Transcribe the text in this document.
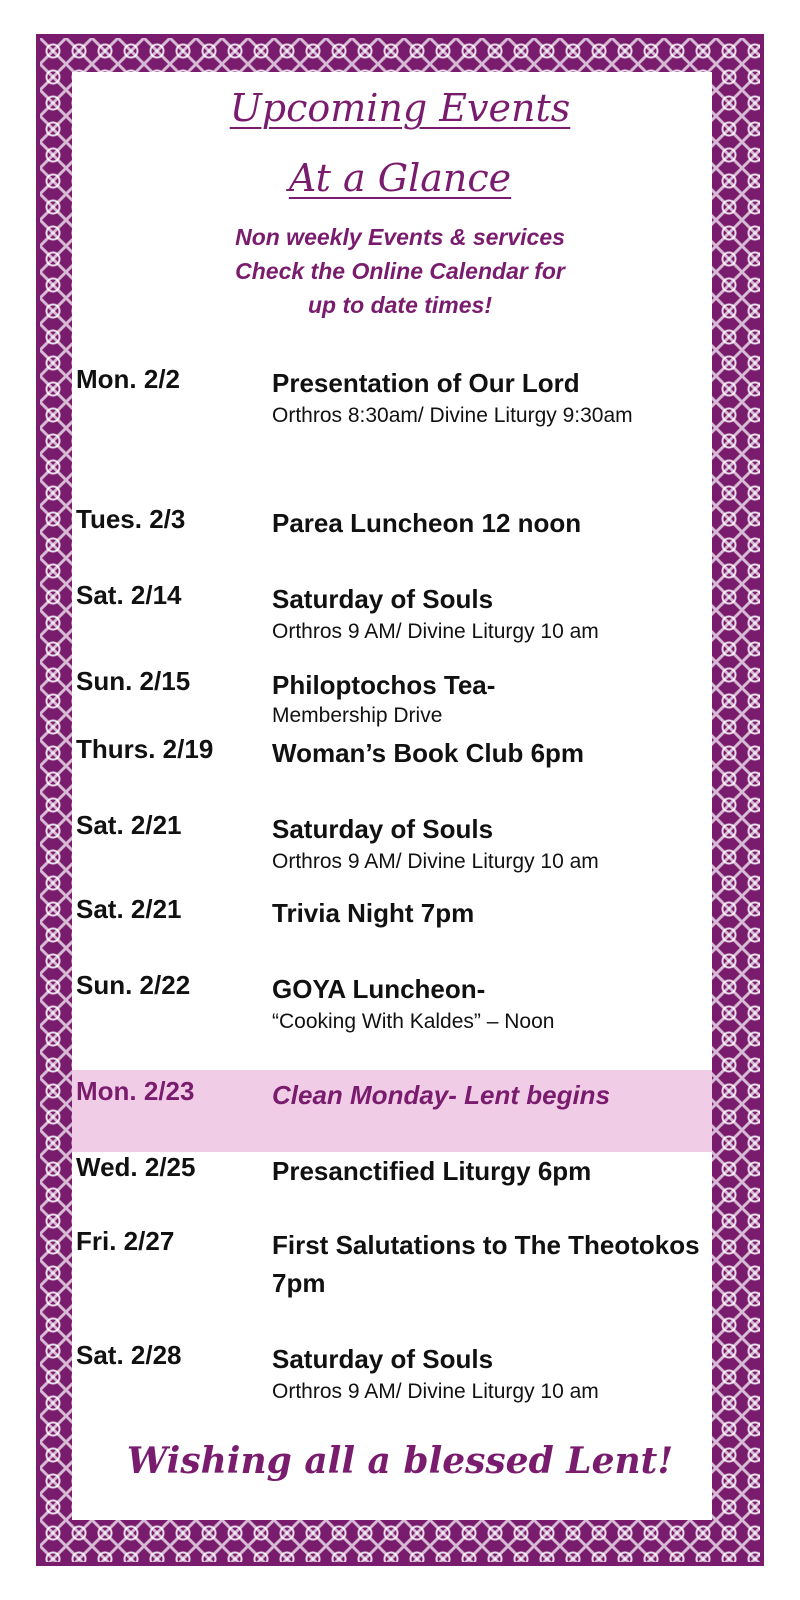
Upcoming Events
At a Glance
Non weekly Events & services
Check the Online Calendar for
up to date times!
Mon. 2/2	Presentation of Our Lord
Orthros 8:30am/ Divine Liturgy 9:30am
Tues. 2/3	Parea Luncheon 12 noon
Sat. 2/14	Saturday of Souls
Orthros 9 AM/ Divine Liturgy 10 am
Sun. 2/15	Philoptochos Tea-
Membership Drive
Thurs. 2/19 Woman’s Book Club 6pm
Sat. 2/21	Saturday of Souls
Orthros 9 AM/ Divine Liturgy 10 am
Sat. 2/21	Trivia Night 7pm
Sun. 2/22	GOYA Luncheon-
“Cooking With Kaldes” – Noon
Mon. 2/23	Clean Monday- Lent begins
Wed. 2/25	Presanctified Liturgy 6pm
Fri. 2/27	First Salutations to The Theotokos 7pm
Sat. 2/28	Saturday of Souls
Orthros 9 AM/ Divine Liturgy 10 am
Wishing all a blessed Lent!
